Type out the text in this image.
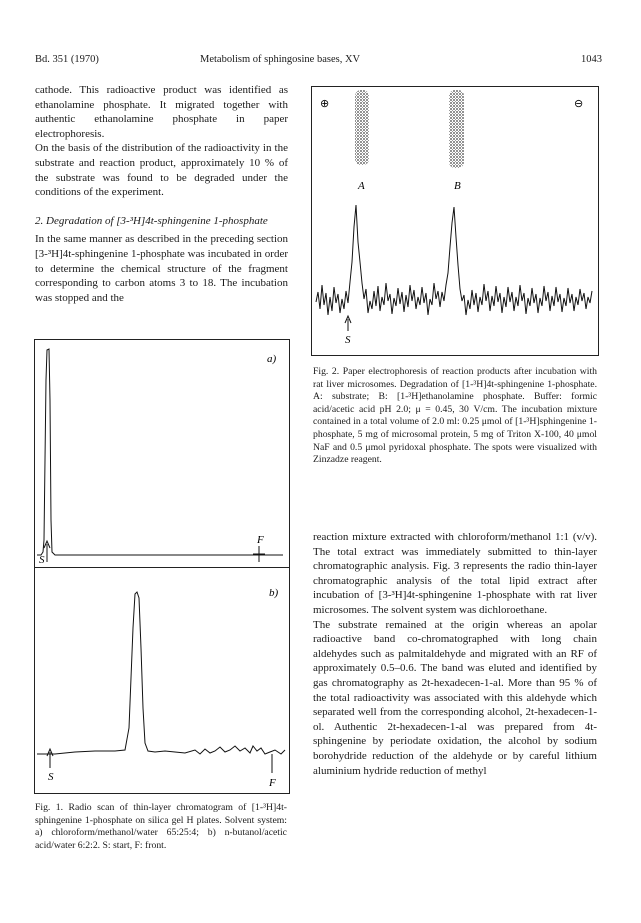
Bd. 351 (1970)	Metabolism of sphingosine bases, XV	1043

cathode. This radioactive product was identified as ethanolamine phosphate. It migrated together with authentic ethanolamine phosphate in paper electrophoresis.

On the basis of the distribution of the radioactivity in the substrate and reaction product, approximately 10 % of the substrate was found to be degraded under the conditions of the experiment.

2. Degradation of [3-³H]4t-sphingenine 1-phosphate

In the same manner as described in the preceding section [3-³H]4t-sphingenine 1-phosphate was incubated in order to determine the chemical structure of the fragment corresponding to carbon atoms 3 to 18. The incubation was stopped and the

⊕	⊖
A	B
S
Fig. 2. Paper electrophoresis of reaction products after incubation with rat liver microsomes. Degradation of [1-³H]4t-sphingenine 1-phosphate. A: substrate; B: [1-³H]ethanolamine phosphate. Buffer: formic acid/acetic acid pH 2.0; μ = 0.45, 30 V/cm. The incubation mixture contained in a total volume of 2.0 ml: 0.25 μmol of [1-³H]sphingenine 1-phosphate, 5 mg of microsomal protein, 5 mg of Triton X-100, 40 μmol NaF and 0.5 μmol pyridoxal phosphate. The spots were visualized with Zinzadze reagent.
a)
S
F
b)
S	F
Fig. 1. Radio scan of thin-layer chromatogram of [1-³H]4t-sphingenine 1-phosphate on silica gel H plates. Solvent system: a) chloroform/methanol/water 65:25:4; b) n-butanol/acetic acid/water 6:2:2. S: start, F: front.

reaction mixture extracted with chloroform/methanol 1:1 (v/v). The total extract was immediately submitted to thin-layer chromatographic analysis. Fig. 3 represents the radio thin-layer chromatographic analysis of the total lipid extract after incubation of [3-³H]4t-sphingenine 1-phosphate with rat liver microsomes. The solvent system was dichloroethane.

The substrate remained at the origin whereas an apolar radioactive band co-chromatographed with long chain aldehydes such as palmitaldehyde and migrated with an RF of approximately 0.5–0.6. The band was eluted and identified by gas chromatography as 2t-hexadecen-1-al. More than 95 % of the total radioactivity was associated with this aldehyde which separated well from the corresponding alcohol, 2t-hexadecen-1-ol. Authentic 2t-hexadecen-1-al was prepared from 4t-sphingenine by periodate oxidation, the alcohol by sodium borohydride reduction of the aldehyde or by careful lithium aluminium hydride reduction of methyl
